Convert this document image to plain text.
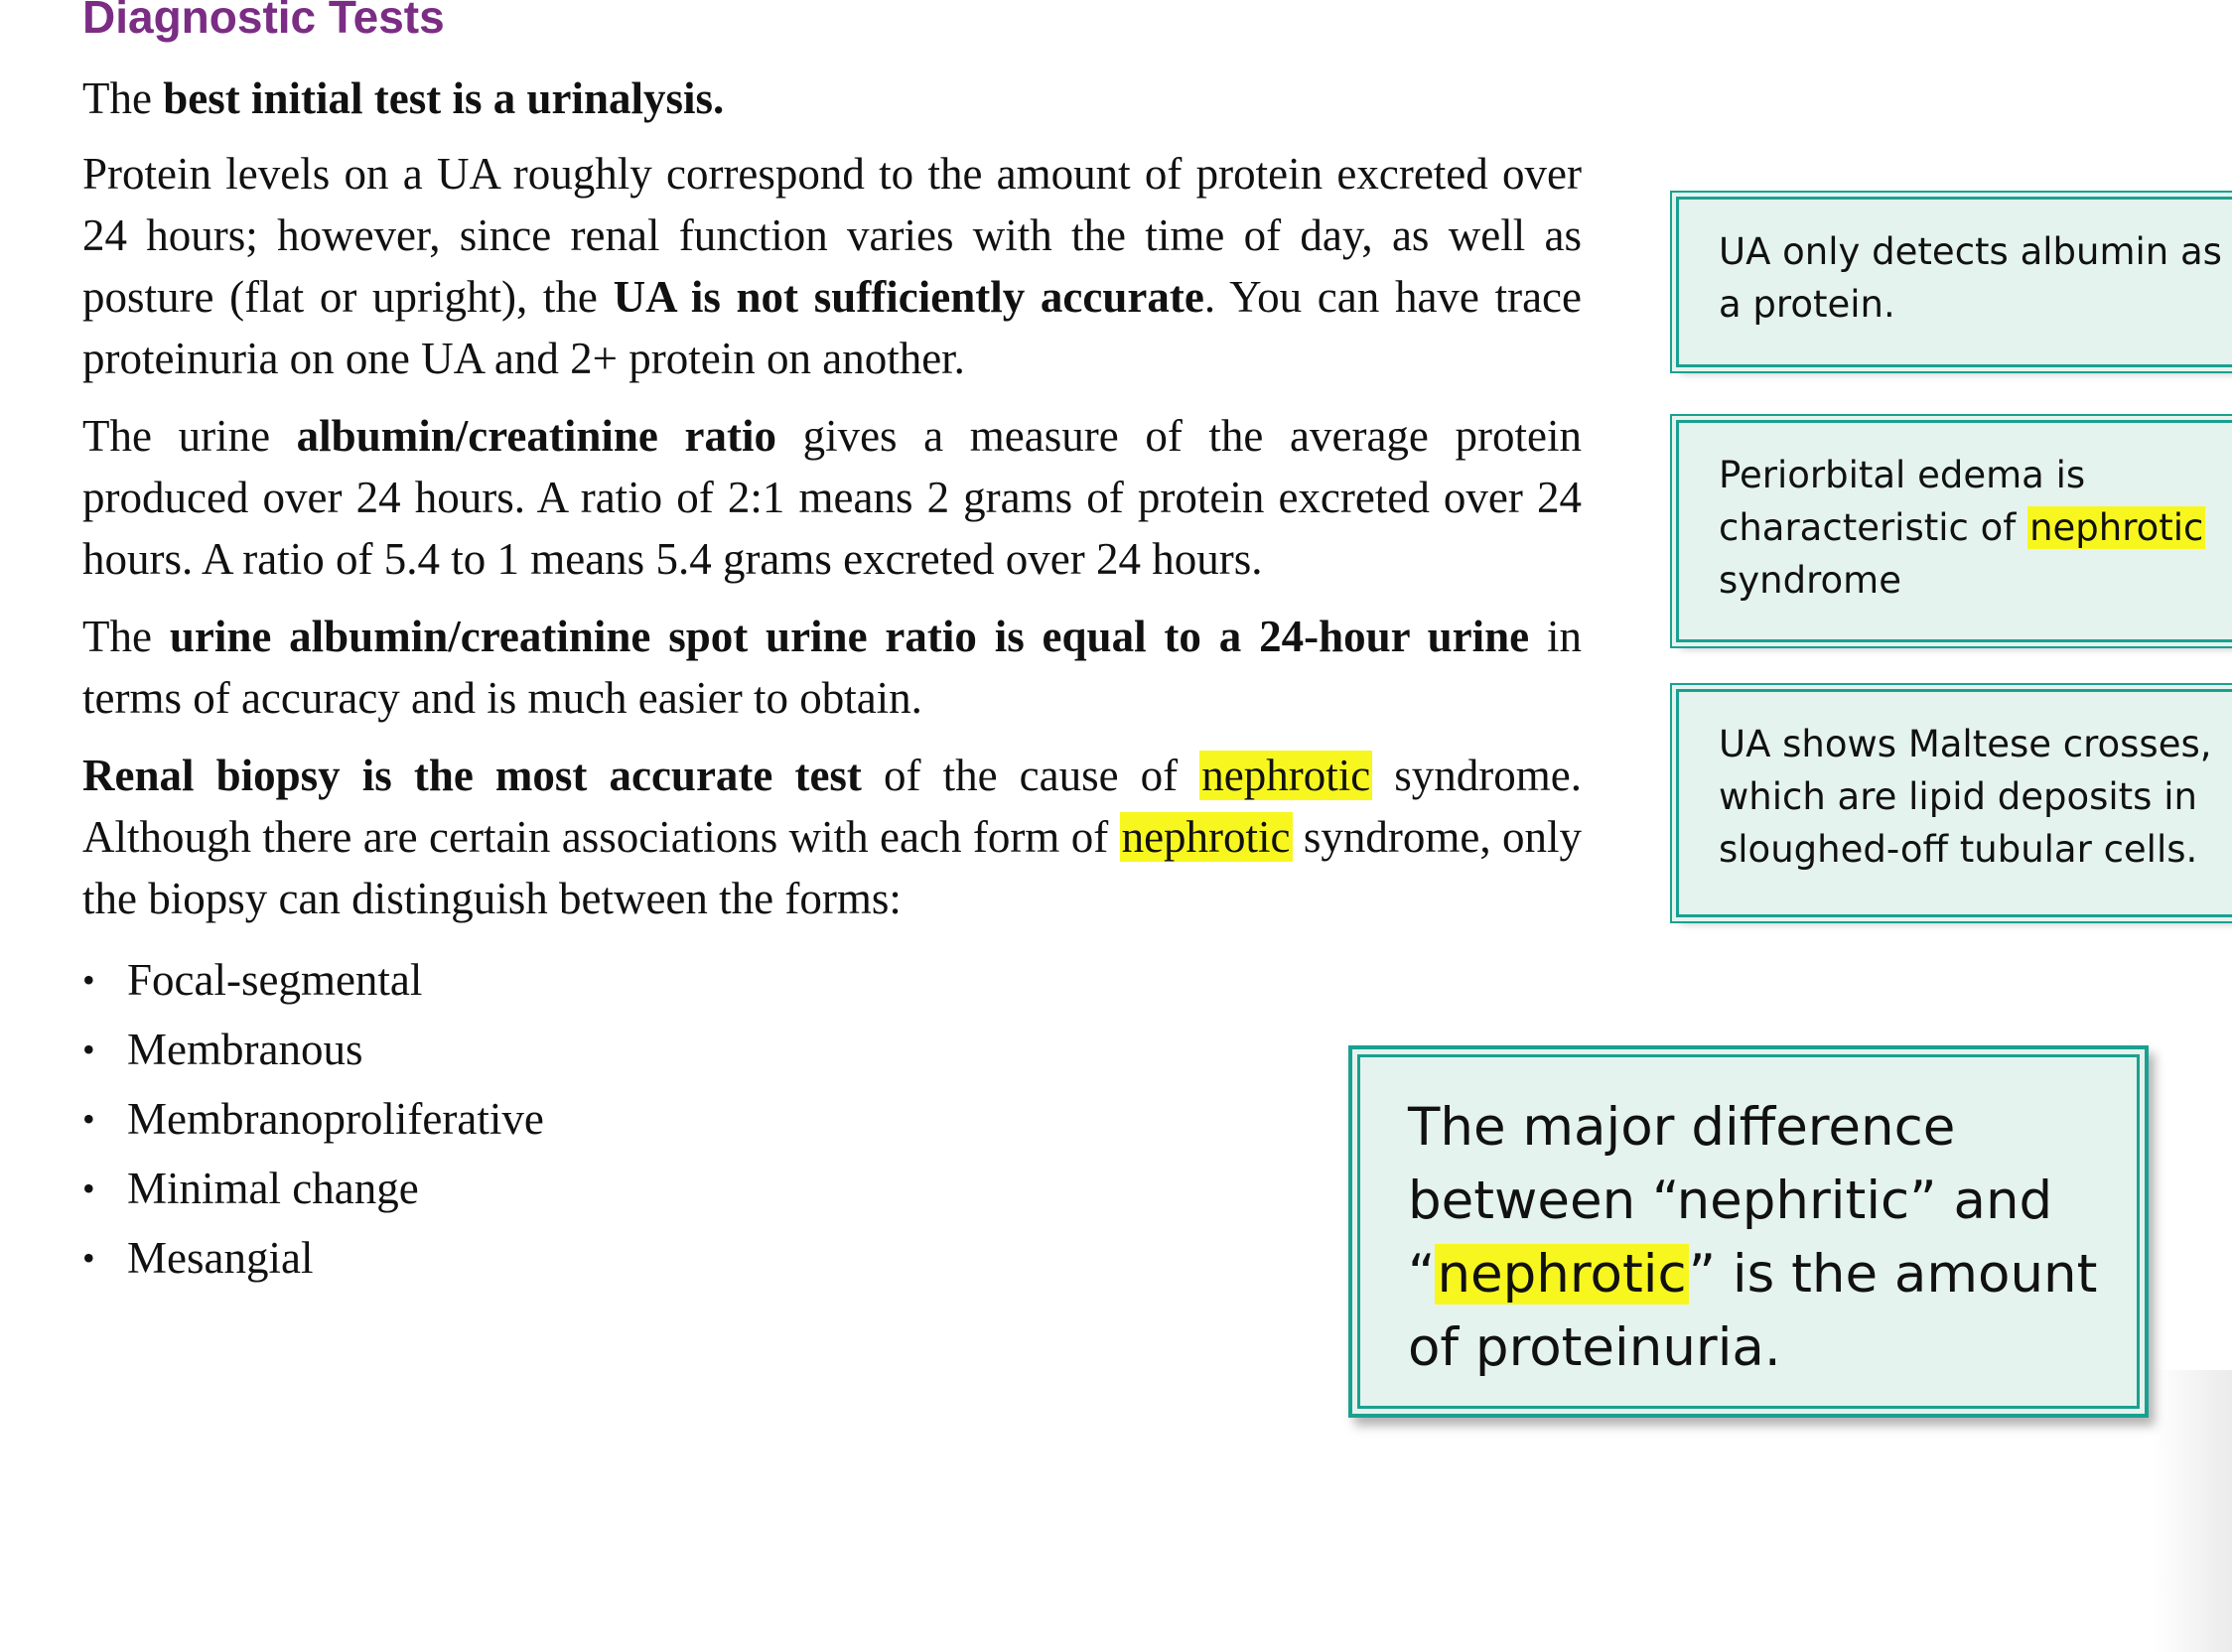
Diagnostic Tests

The best initial test is a urinalysis.

Protein levels on a UA roughly correspond to the amount of protein excreted over 24 hours; however, since renal function varies with the time of day, as well as posture (flat or upright), the UA is not sufficiently accurate. You can have trace proteinuria on one UA and 2+ protein on another.

The urine albumin/creatinine ratio gives a measure of the average protein produced over 24 hours. A ratio of 2:1 means 2 grams of protein excreted over 24 hours. A ratio of 5.4 to 1 means 5.4 grams excreted over 24 hours.

The urine albumin/creatinine spot urine ratio is equal to a 24-hour urine in terms of accuracy and is much easier to obtain.

Renal biopsy is the most accurate test of the cause of nephrotic syndrome. Although there are certain associations with each form of nephrotic syndrome, only the biopsy can distinguish between the forms:

• Focal-segmental
• Membranous
• Membranoproliferative
• Minimal change
• Mesangial
UA only detects albumin as a protein.
Periorbital edema is characteristic of nephrotic syndrome
UA shows Maltese crosses, which are lipid deposits in sloughed-off tubular cells.
The major difference between “nephritic” and “nephrotic” is the amount of proteinuria.
